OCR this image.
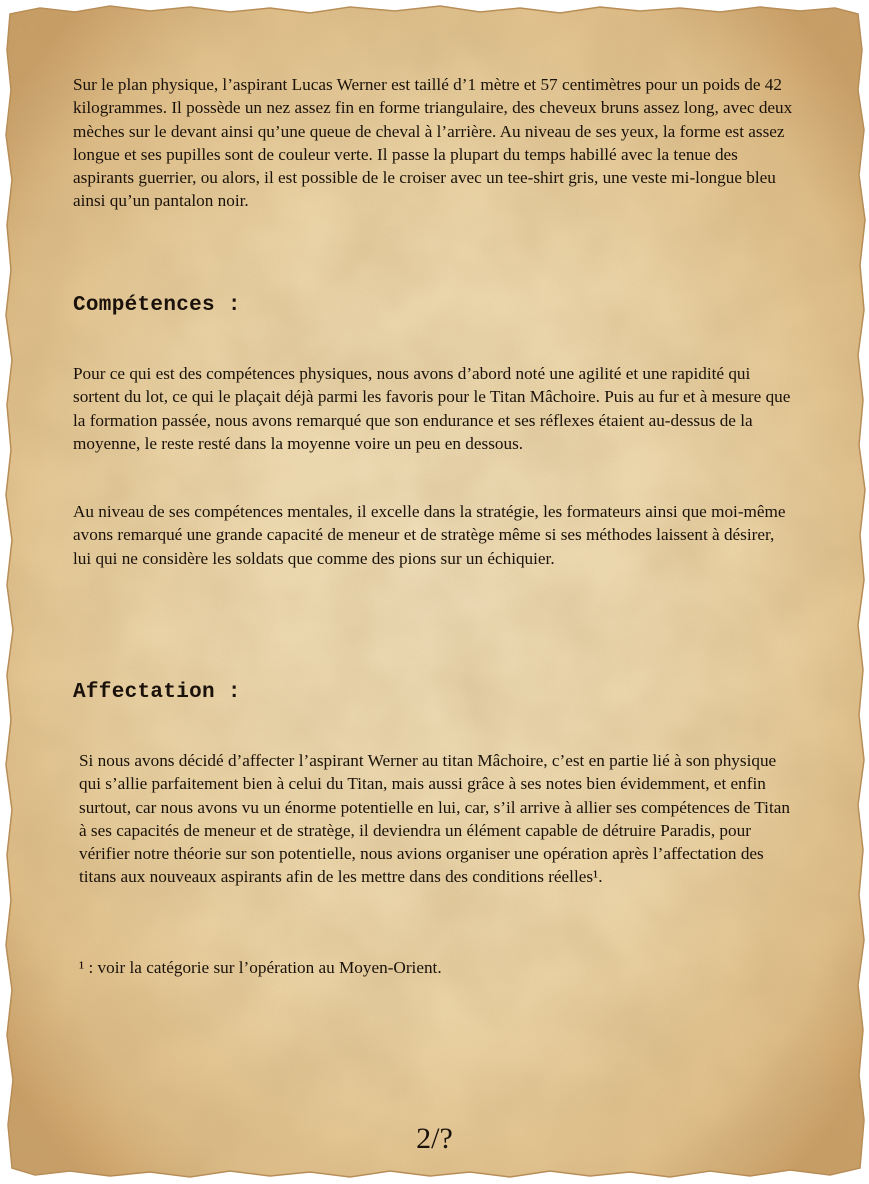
Sur le plan physique, l’aspirant Lucas Werner est taillé d’1 mètre et 57 centimètres pour un poids de 42 kilogrammes. Il possède un nez assez fin en forme triangulaire, des cheveux bruns assez long, avec deux mèches sur le devant ainsi qu’une queue de cheval à l’arrière. Au niveau de ses yeux, la forme est assez longue et ses pupilles sont de couleur verte. Il passe la plupart du temps habillé avec la tenue des aspirants guerrier, ou alors, il est possible de le croiser avec un tee-shirt gris, une veste mi-longue bleu ainsi qu’un pantalon noir.

Compétences :

Pour ce qui est des compétences physiques, nous avons d’abord noté une agilité et une rapidité qui sortent du lot, ce qui le plaçait déjà parmi les favoris pour le Titan Mâchoire. Puis au fur et à mesure que la formation passée, nous avons remarqué que son endurance et ses réflexes étaient au-dessus de la moyenne, le reste resté dans la moyenne voire un peu en dessous.

Au niveau de ses compétences mentales, il excelle dans la stratégie, les formateurs ainsi que moi-même avons remarqué une grande capacité de meneur et de stratège même si ses méthodes laissent à désirer, lui qui ne considère les soldats que comme des pions sur un échiquier.

Affectation :

Si nous avons décidé d’affecter l’aspirant Werner au titan Mâchoire, c’est en partie lié à son physique qui s’allie parfaitement bien à celui du Titan, mais aussi grâce à ses notes bien évidemment, et enfin surtout, car nous avons vu un énorme potentielle en lui, car, s’il arrive à allier ses compétences de Titan à ses capacités de meneur et de stratège, il deviendra un élément capable de détruire Paradis, pour vérifier notre théorie sur son potentielle, nous avions organiser une opération après l’affectation des titans aux nouveaux aspirants afin de les mettre dans des conditions réelles¹.

¹ : voir la catégorie sur l’opération au Moyen-Orient.

2/?
